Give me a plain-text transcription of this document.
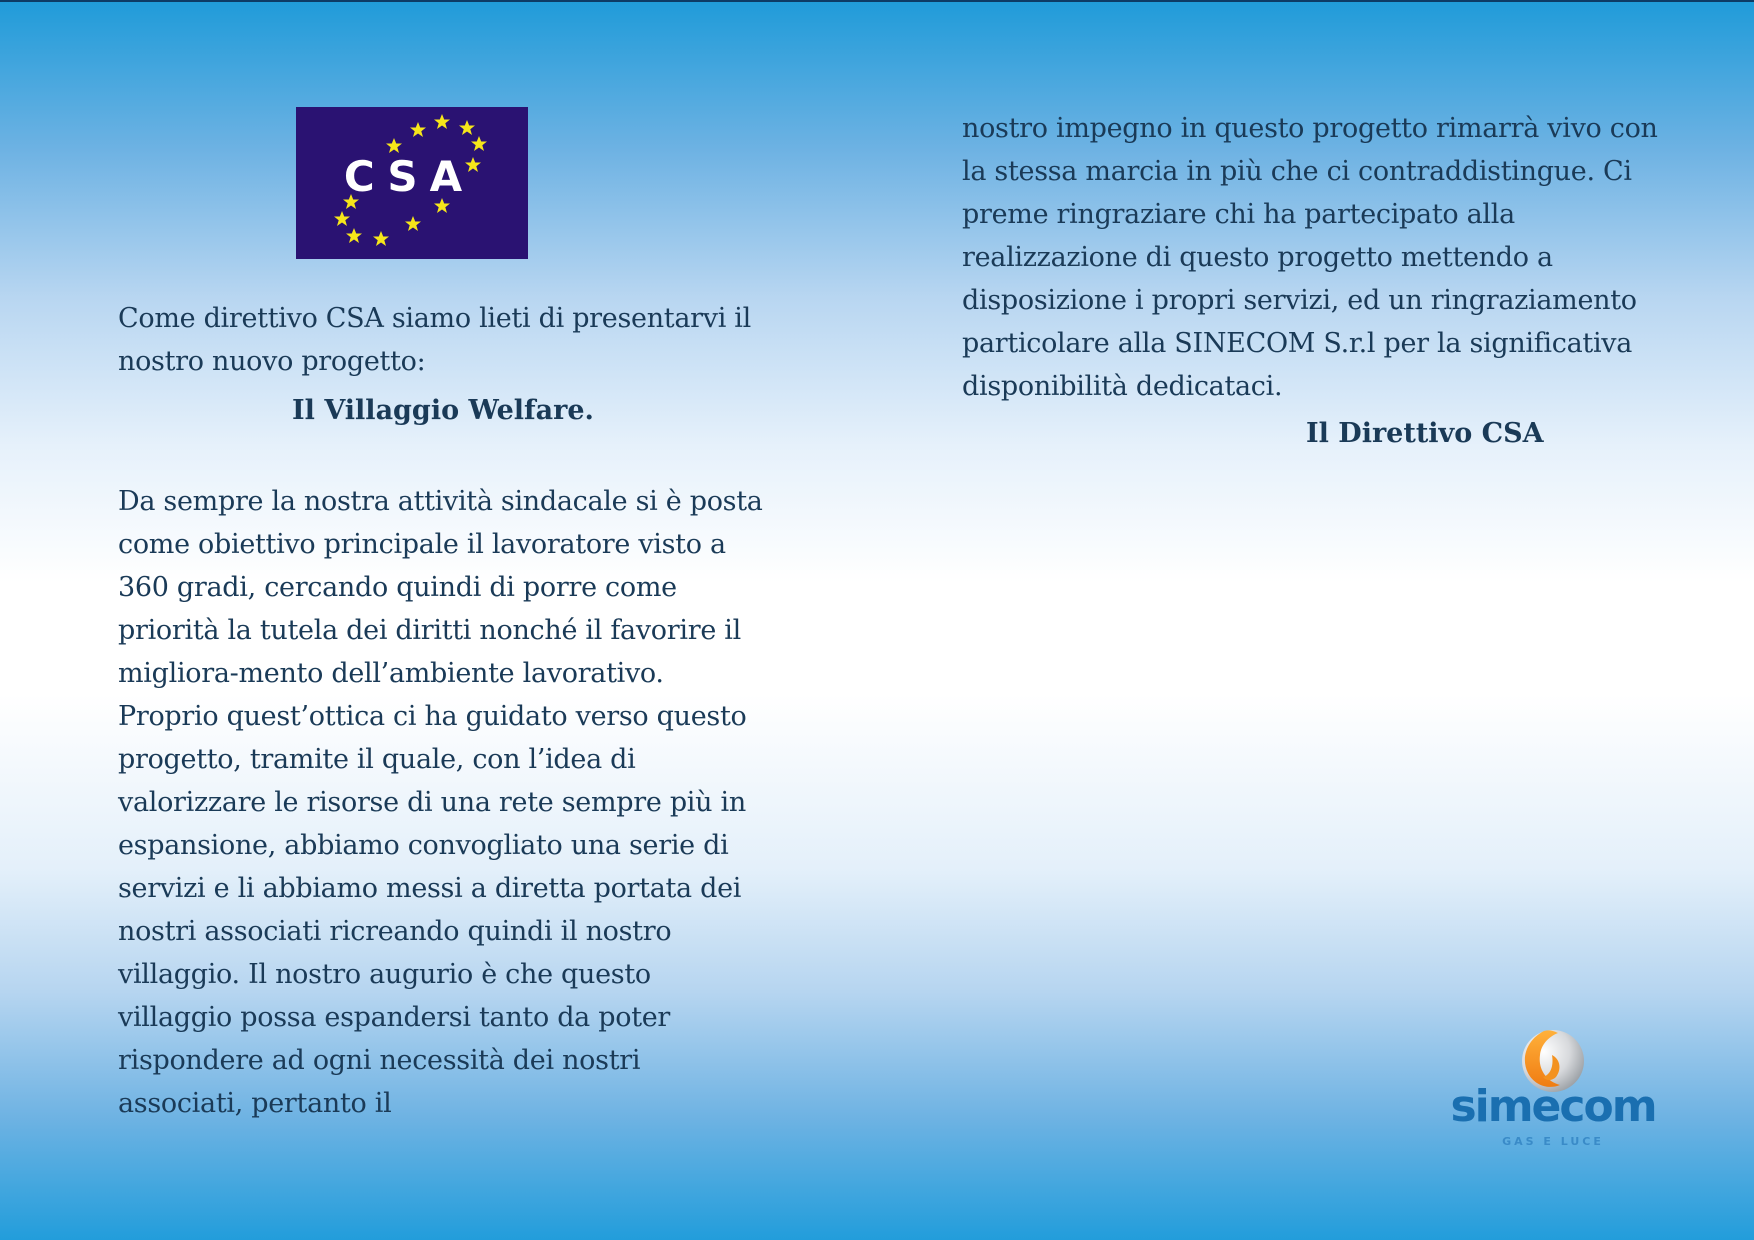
CSA

Come direttivo CSA siamo lieti di presentarvi il nostro nuovo progetto:

Il Villaggio Welfare.

Da sempre la nostra attività sindacale si è posta come obiettivo principale il lavoratore visto a 360 gradi, cercando quindi di porre come priorità la tutela dei diritti nonché il favorire il migliora-mento dell’ambiente lavorativo.

Proprio quest’ottica ci ha guidato verso questo progetto, tramite il quale, con l’idea di valorizzare le risorse di una rete sempre più in espansione, abbiamo convogliato una serie di servizi e li abbiamo messi a diretta portata dei nostri associati ricreando quindi il nostro villaggio. Il nostro augurio è che questo villaggio possa espandersi tanto da poter rispondere ad ogni necessità dei nostri associati, pertanto il

nostro impegno in questo progetto rimarrà vivo con la stessa marcia in più che ci contraddistingue. Ci preme ringraziare chi ha partecipato alla realizzazione di questo progetto mettendo a disposizione i propri servizi, ed un ringraziamento particolare alla SINECOM S.r.l per la significativa disponibilità dedicataci.

Il Direttivo CSA

simecom
GAS E LUCE
